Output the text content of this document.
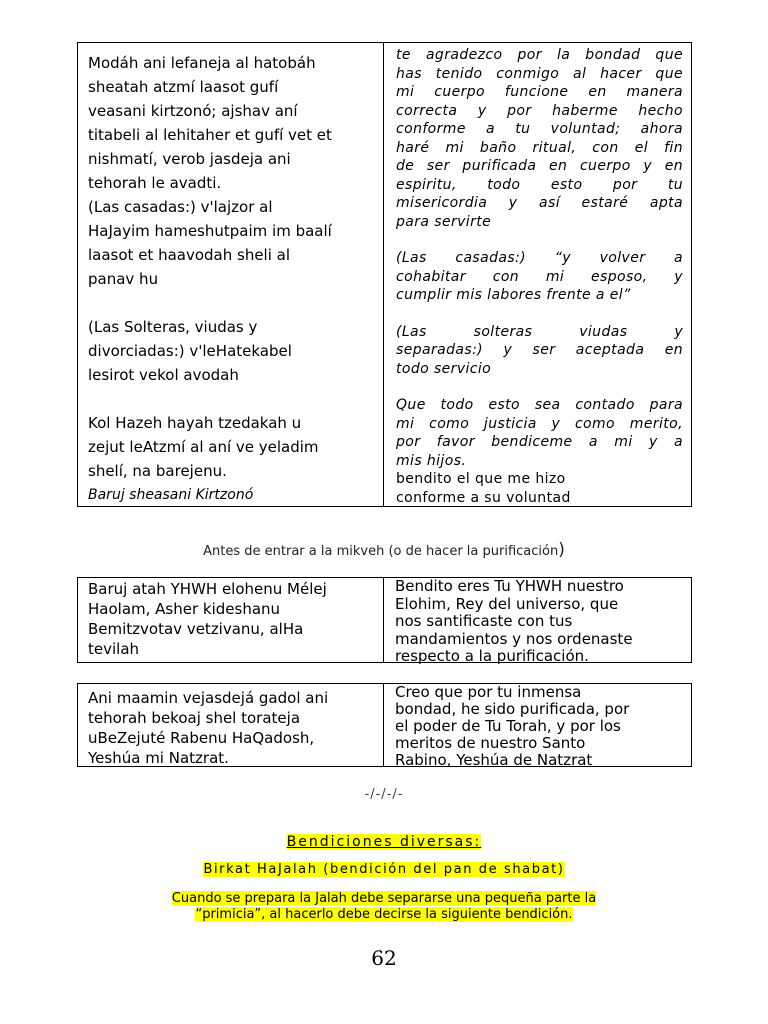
Modáh ani lefaneja al hatobáh
sheatah atzmí laasot gufí
veasani kirtzonó; ajshav aní
titabeli al lehitaher et gufí vet et
nishmatí, verob jasdeja ani
tehorah le avadti.

(Las casadas:) v'lajzor al
HaJayim hameshutpaim im baalí
laasot et haavodah sheli al
panav hu

(Las Solteras, viudas y
divorciadas:) v'leHatekabel
lesirot vekol avodah

Kol Hazeh hayah tzedakah u
zejut leAtzmí al aní ve yeladim
shelí, na barejenu.

Baruj sheasani Kirtzonó

te agradezco por la bondad que
has tenido conmigo al hacer que
mi cuerpo funcione en manera
correcta y por haberme hecho
conforme a tu voluntad; ahora
haré mi baño ritual, con el fin
de ser purificada en cuerpo y en
espiritu, todo esto por tu
misericordia y así estaré apta
para servirte
(Las casadas:) “y volver a
cohabitar con mi esposo, y
cumplir mis labores frente a el”
(Las solteras viudas y
separadas:) y ser aceptada en
todo servicio
Que todo esto sea contado para
mi como justicia y como merito,
por favor bendiceme a mi y a
mis hijos.

bendito el que me hizo
conforme a su voluntad

Antes de entrar a la mikveh (o de hacer la purificación)

Baruj atah YHWH elohenu Mélej
Haolam, Asher kideshanu
Bemitzvotav vetzivanu, alHa
tevilah

Bendito eres Tu YHWH nuestro
Elohim, Rey del universo, que
nos santificaste con tus
mandamientos y nos ordenaste
respecto a la purificación.

Ani maamin vejasdejá gadol ani
tehorah bekoaj shel torateja
uBeZejuté Rabenu HaQadosh,
Yeshúa mi Natzrat.

Creo que por tu inmensa
bondad, he sido purificada, por
el poder de Tu Torah, y por los
meritos de nuestro Santo
Rabino, Yeshúa de Natzrat

-/-/-/-
Bendiciones diversas:
Birkat HaJalah (bendición del pan de shabat)
Cuando se prepara la Jalah debe separarse una pequeña parte la
“primicia”, al hacerlo debe decirse la siguiente bendición.
62
